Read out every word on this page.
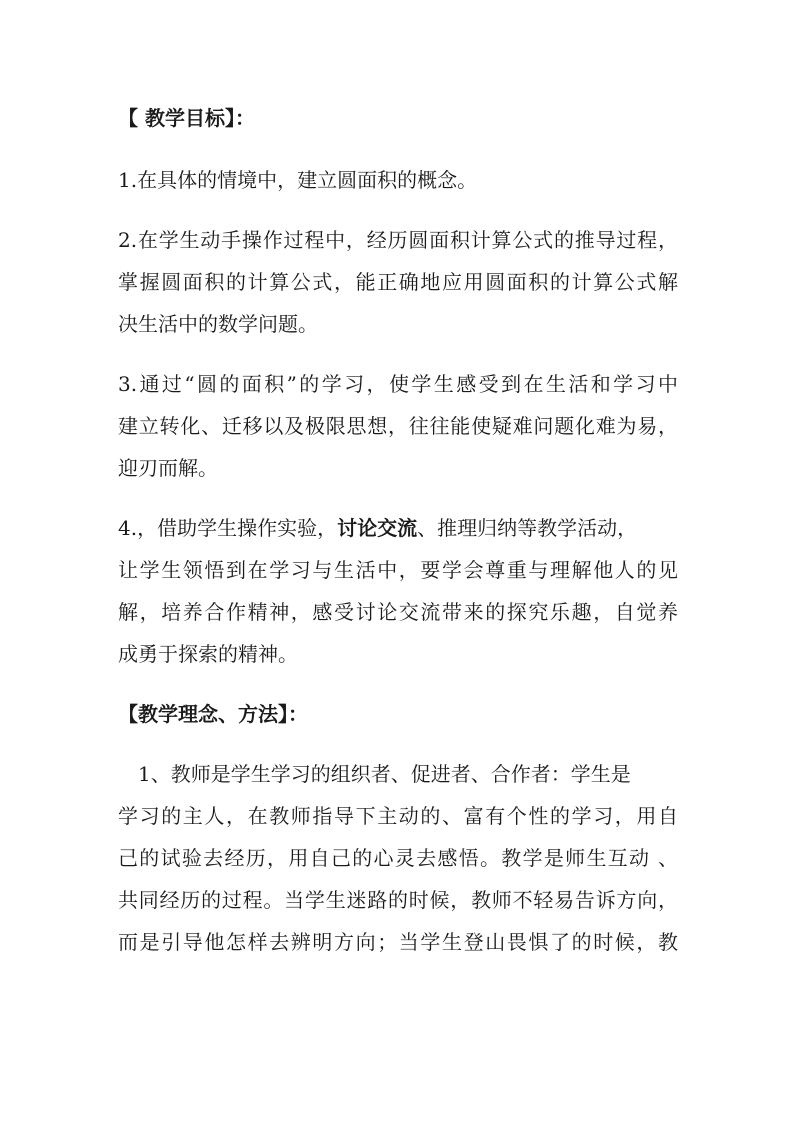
【 教学目标】：
1.在具体的情境中，建立圆面积的概念。
2.在学生动手操作过程中，经历圆面积计算公式的推导过程，
掌握圆面积的计算公式，能正确地应用圆面积的计算公式解
决生活中的数学问题。
3.通过“圆的面积”的学习，使学生感受到在生活和学习中
建立转化、迁移以及极限思想，往往能使疑难问题化难为易，
迎刃而解。
4.，借助学生操作实验，讨论交流、推理归纳等教学活动，
让学生领悟到在学习与生活中，要学会尊重与理解他人的见
解，培养合作精神，感受讨论交流带来的探究乐趣，自觉养
成勇于探索的精神。
【教学理念、方法】：
1、教师是学生学习的组织者、促进者、合作者：学生是
学习的主人，在教师指导下主动的、富有个性的学习，用自
己的试验去经历，用自己的心灵去感悟。教学是师生互动 、
共同经历的过程。当学生迷路的时候，教师不轻易告诉方向，
而是引导他怎样去辨明方向；当学生登山畏惧了的时候，教
